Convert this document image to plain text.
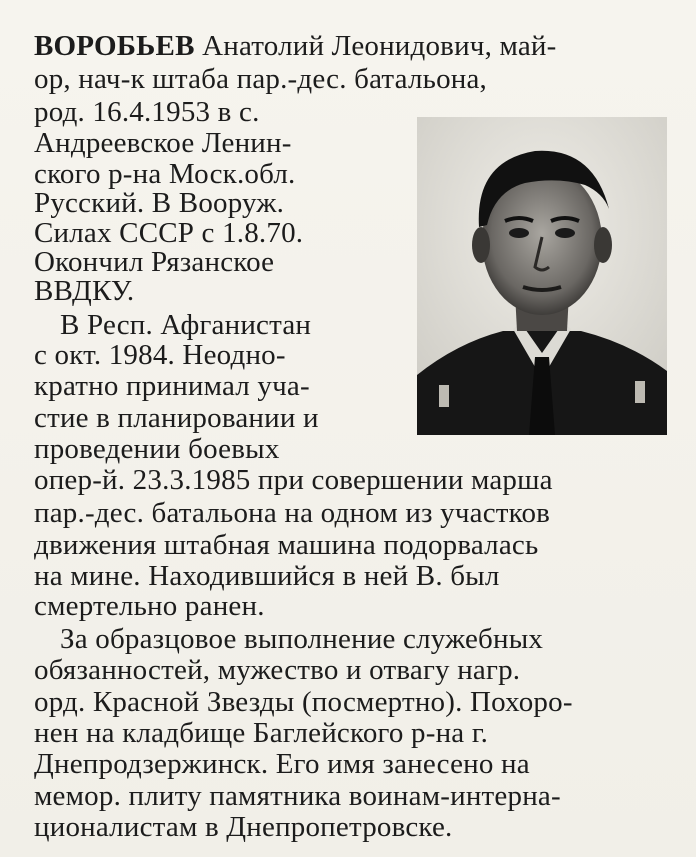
ВОРОБЬЕВ Анатолий Леонидович, май-
ор, нач-к штаба пар.-дес. батальона,
род. 16.4.1953 в с.
Андреевское Ленин-
ского р-на Моск.обл.
Русский. В Вооруж.
Силах СССР с 1.8.70.
Окончил Рязанское
ВВДКУ.
В Респ. Афганистан
с окт. 1984. Неодно-
кратно принимал уча-
стие в планировании и
проведении боевых
опер-й. 23.3.1985 при совершении марша
пар.-дес. батальона на одном из участков
движения штабная машина подорвалась
на мине. Находившийся в ней В. был
смертельно ранен.
За образцовое выполнение служебных
обязанностей, мужество и отвагу нагр.
орд. Красной Звезды (посмертно). Похоро-
нен на кладбище Баглейского р-на г.
Днепродзержинск. Его имя занесено на
мемор. плиту памятника воинам-интерна-
ционалистам в Днепропетровске.
